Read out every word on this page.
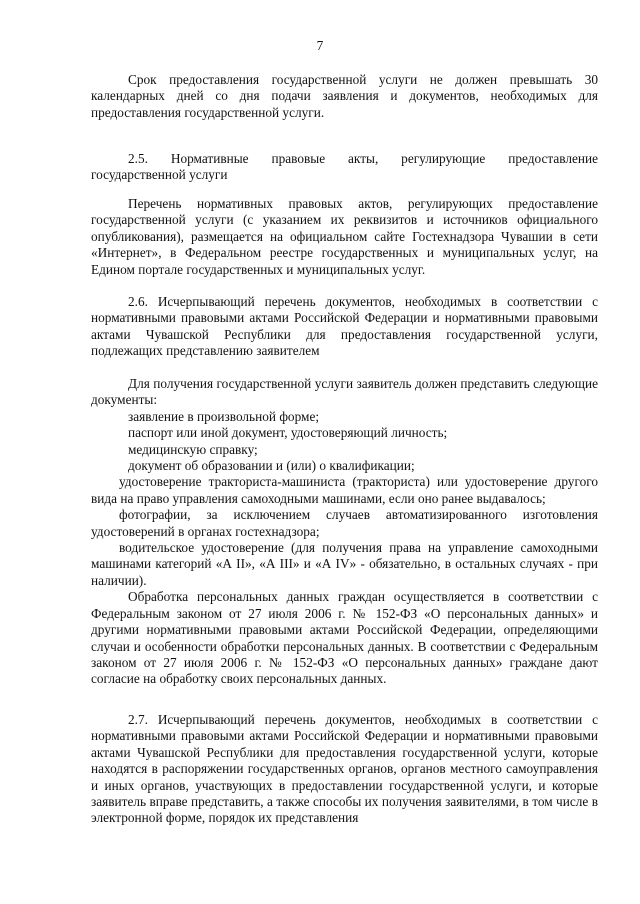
7

Срок предоставления государственной услуги не должен превышать 30 календарных дней со дня подачи заявления и документов, необходимых для предоставления государственной услуги.

2.5. Нормативные правовые акты, регулирующие предоставление государственной услуги

Перечень нормативных правовых актов, регулирующих предоставление государственной услуги (с указанием их реквизитов и источников официального опубликования), размещается на официальном сайте Гостехнадзора Чувашии в сети «Интернет», в Федеральном реестре государственных и муниципальных услуг, на Едином портале государственных и муниципальных услуг.

2.6. Исчерпывающий перечень документов, необходимых в соответствии с нормативными правовыми актами Российской Федерации и нормативными правовыми актами Чувашской Республики для предоставления государственной услуги, подлежащих представлению заявителем

Для получения государственной услуги заявитель должен представить следующие документы:

заявление в произвольной форме;

паспорт или иной документ, удостоверяющий личность;

медицинскую справку;

документ об образовании и (или) о квалификации;

удостоверение тракториста-машиниста (тракториста) или удостоверение другого вида на право управления самоходными машинами, если оно ранее выдавалось;

фотографии, за исключением случаев автоматизированного изготовления удостоверений в органах гостехнадзора;

водительское удостоверение (для получения права на управление самоходными машинами категорий «А II», «А III» и «А IV» - обязательно, в остальных случаях - при наличии).

Обработка персональных данных граждан осуществляется в соответствии с Федеральным законом от 27 июля 2006 г. № 152-ФЗ «О персональных данных» и другими нормативными правовыми актами Российской Федерации, определяющими случаи и особенности обработки персональных данных. В соответствии с Федеральным законом от 27 июля 2006 г. № 152-ФЗ «О персональных данных» граждане дают согласие на обработку своих персональных данных.

2.7. Исчерпывающий перечень документов, необходимых в соответствии с нормативными правовыми актами Российской Федерации и нормативными правовыми актами Чувашской Республики для предоставления государственной услуги, которые находятся в распоряжении государственных органов, органов местного самоуправления и иных органов, участвующих в предоставлении государственной услуги, и которые заявитель вправе представить, а также способы их получения заявителями, в том числе в электронной форме, порядок их представления
